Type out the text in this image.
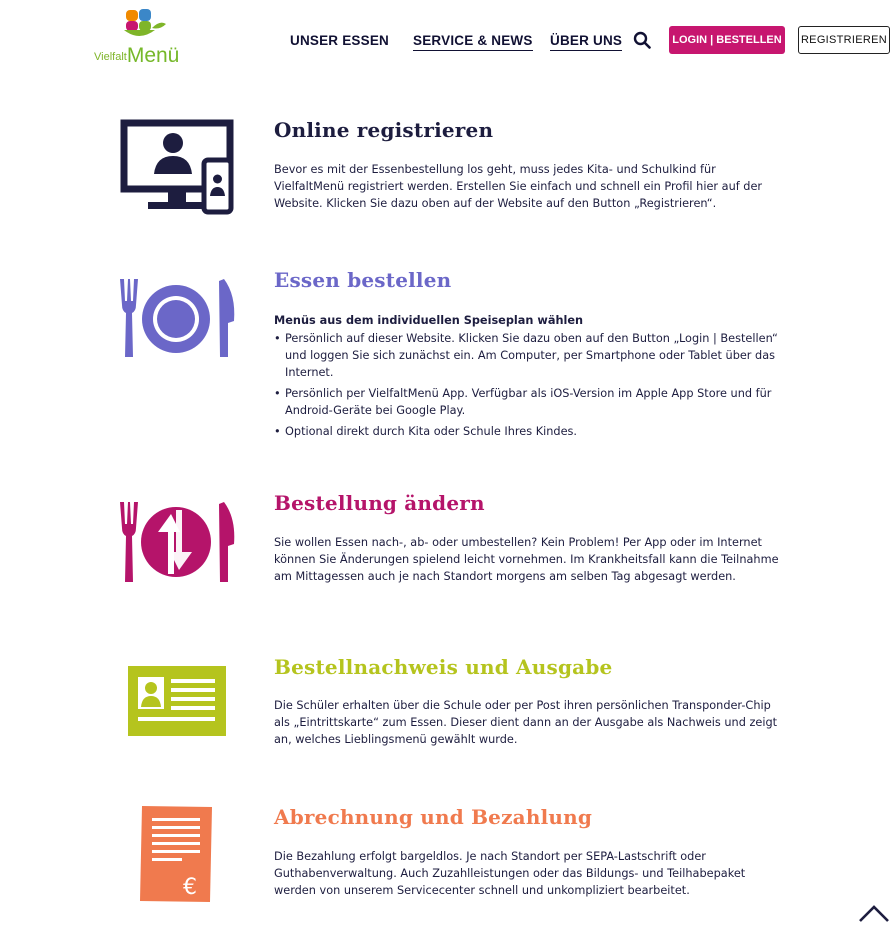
VielfaltMenü
UNSER ESSEN SERVICE & NEWS ÜBER UNS	LOGIN | BESTELLEN REGISTRIEREN
Online registrieren
Bevor es mit der Essenbestellung los geht, muss jedes Kita- und Schulkind für VielfaltMenü registriert werden. Erstellen Sie einfach und schnell ein Profil hier auf der Website. Klicken Sie dazu oben auf der Website auf den Button „Registrieren“.
Essen bestellen
Menüs aus dem individuellen Speiseplan wählen
• Persönlich auf dieser Website. Klicken Sie dazu oben auf den Button „Login | Bestellen“ und loggen Sie sich zunächst ein. Am Computer, per Smartphone oder Tablet über das Internet.
• Persönlich per VielfaltMenü App. Verfügbar als iOS-Version im Apple App Store und für Android-Geräte bei Google Play.
• Optional direkt durch Kita oder Schule Ihres Kindes.
Bestellung ändern
Sie wollen Essen nach-, ab- oder umbestellen? Kein Problem! Per App oder im Internet können Sie Änderungen spielend leicht vornehmen. Im Krankheitsfall kann die Teilnahme am Mittagessen auch je nach Standort morgens am selben Tag abgesagt werden.
Bestellnachweis und Ausgabe
Die Schüler erhalten über die Schule oder per Post ihren persönlichen Transponder-Chip als „Eintrittskarte“ zum Essen. Dieser dient dann an der Ausgabe als Nachweis und zeigt an, welches Lieblingsmenü gewählt wurde.
€
Abrechnung und Bezahlung
Die Bezahlung erfolgt bargeldlos. Je nach Standort per SEPA-Lastschrift oder Guthabenverwaltung. Auch Zuzahlleistungen oder das Bildungs- und Teilhabepaket werden von unserem Servicecenter schnell und unkompliziert bearbeitet.
